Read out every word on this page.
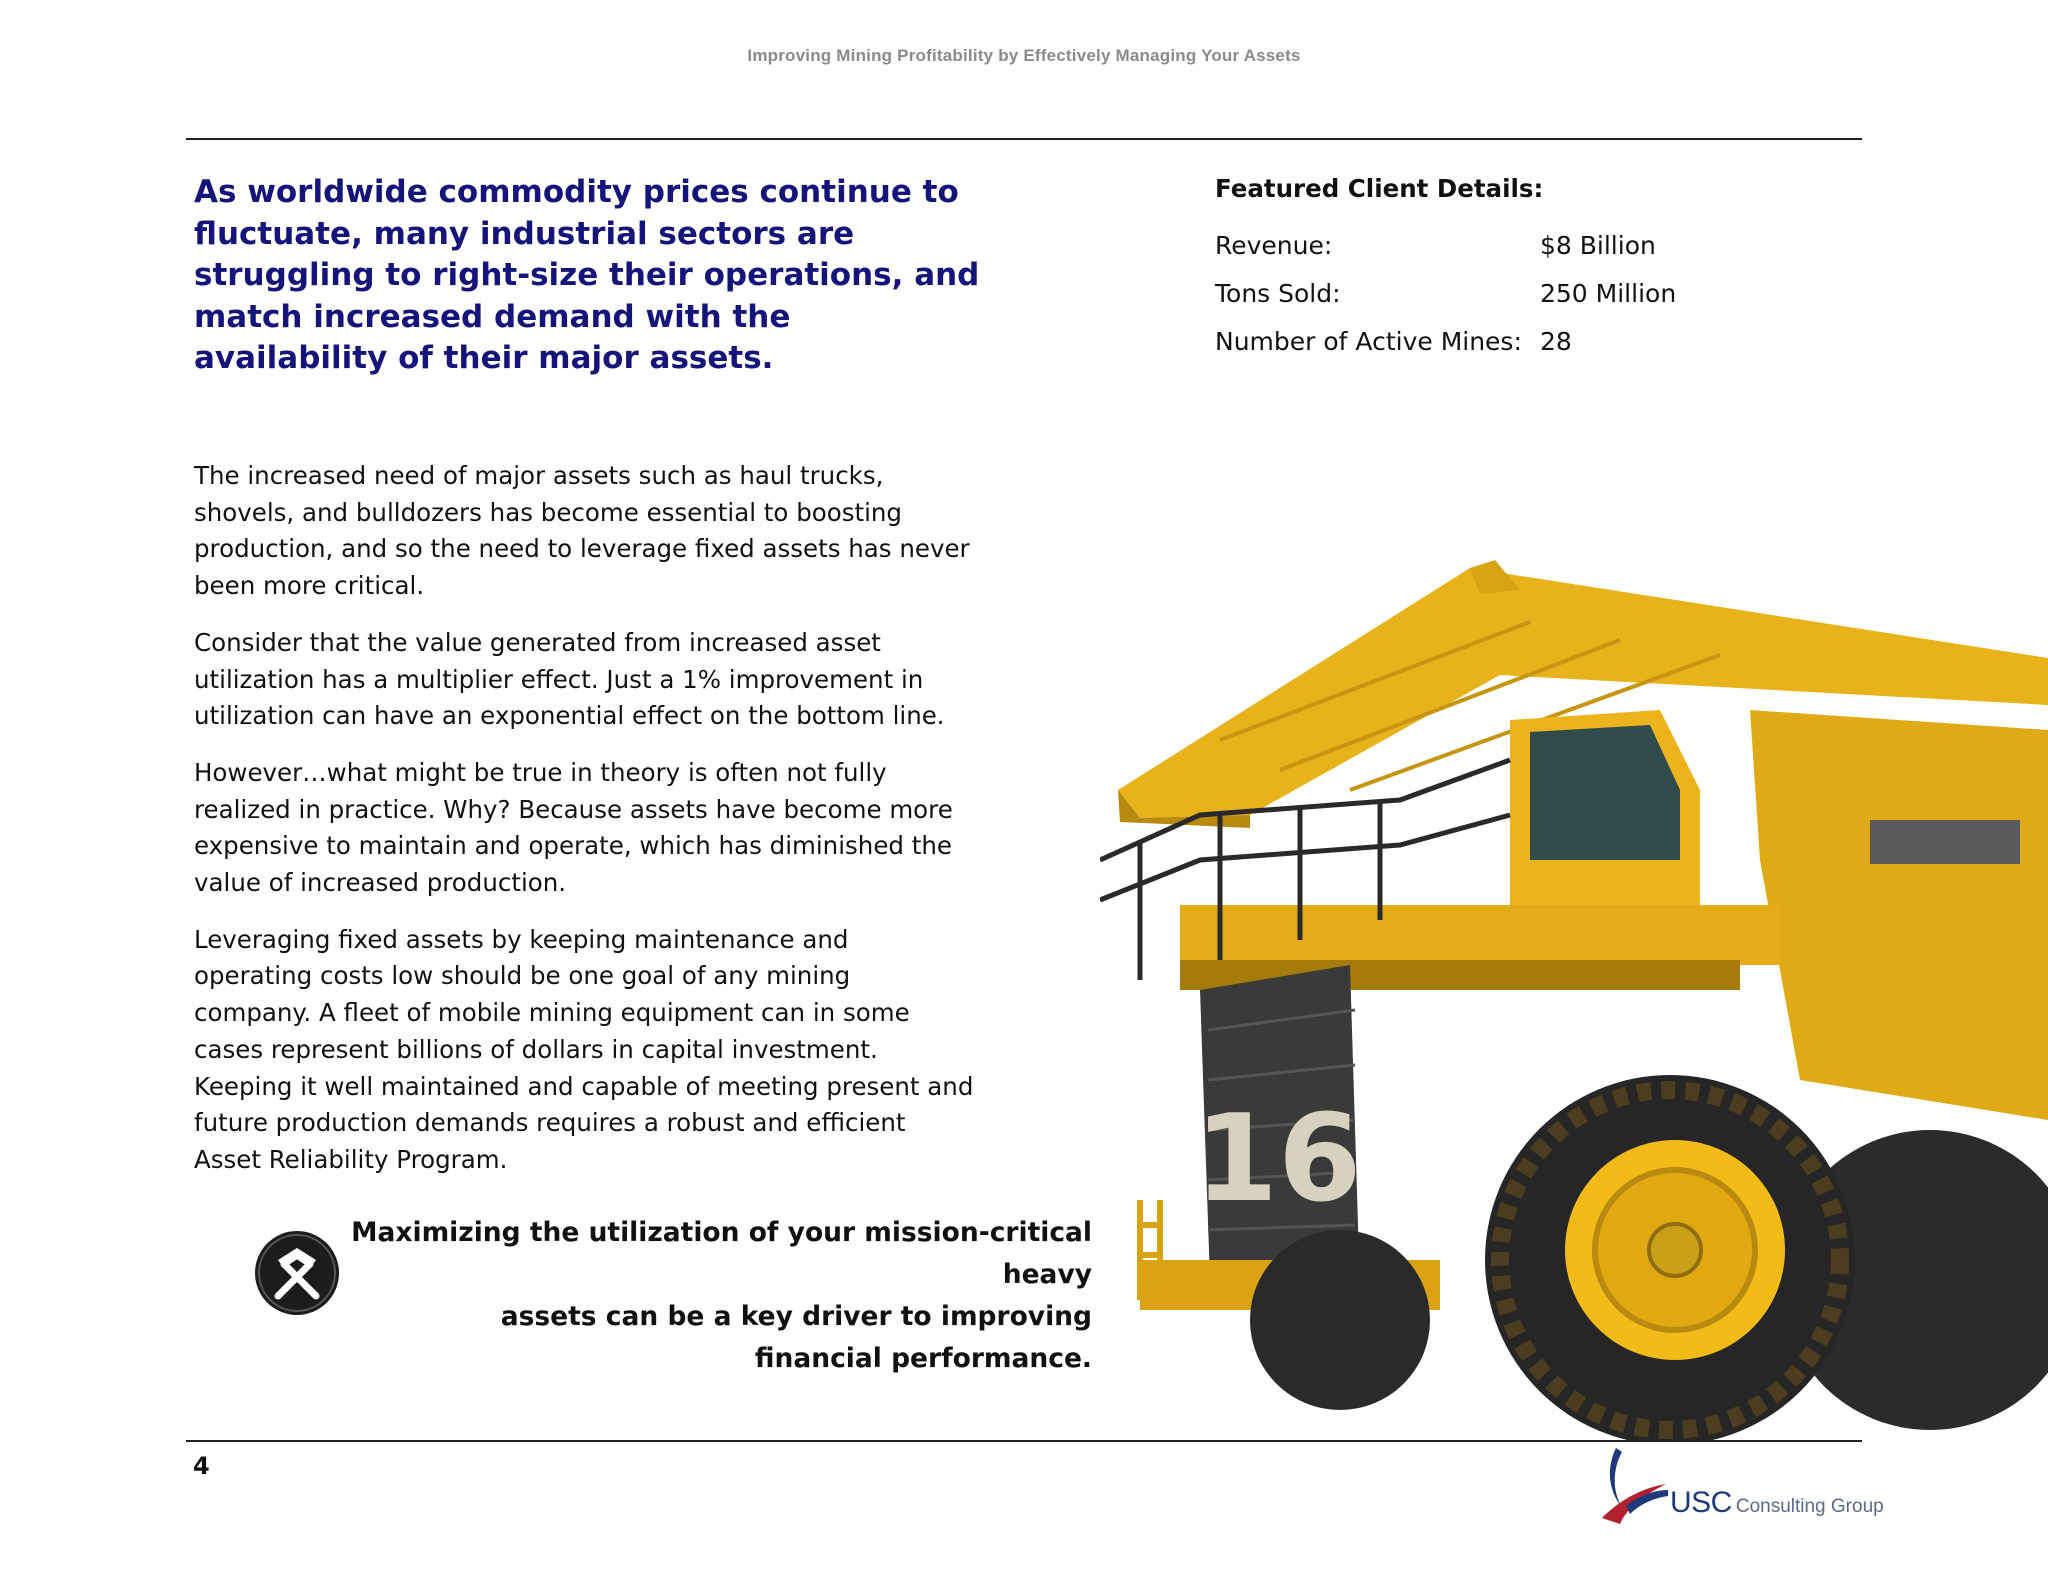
Improving Mining Profitability by Effectively Managing Your Assets
As worldwide commodity prices continue to fluctuate, many industrial sectors are struggling to right-size their operations, and match increased demand with the availability of their major assets.

The increased need of major assets such as haul trucks, shovels, and bulldozers has become essential to boosting production, and so the need to leverage fixed assets has never been more critical.

Consider that the value generated from increased asset utilization has a multiplier effect. Just a 1% improvement in utilization can have an exponential effect on the bottom line.

However…what might be true in theory is often not fully realized in practice. Why? Because assets have become more expensive to maintain and operate, which has diminished the value of increased production.

Leveraging fixed assets by keeping maintenance and operating costs low should be one goal of any mining company. A fleet of mobile mining equipment can in some cases represent billions of dollars in capital investment. Keeping it well maintained and capable of meeting present and future production demands requires a robust and efficient Asset Reliability Program.

Featured Client Details:
Revenue:	$8 Billion
Tons Sold:	250 Million
Number of Active Mines: 28
16
Maximizing the utilization of your mission-critical heavy
assets can be a key driver to improving
financial performance.
4
USC Consulting Group
